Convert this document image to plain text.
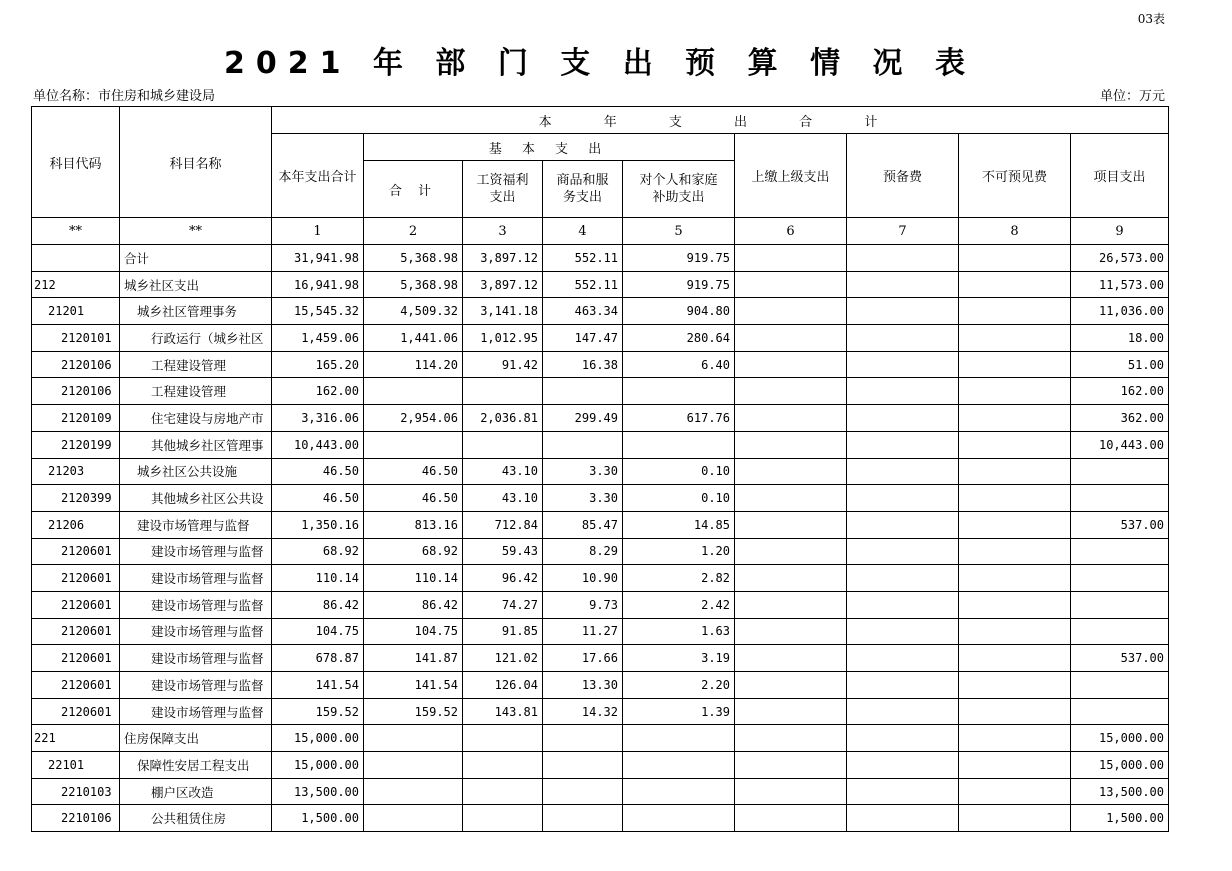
03表
2021 年 部 门 支 出 预 算 情 况 表
单位名称：市住房和城乡建设局	单位：万元
科目代码	科目名称	本 年 支 出 合 计								
		本年支出合计	基 本 支 出				上缴上级支出	预备费	不可预见费	项目支出
			合 计	工资福利支出	商品和服务支出	对个人和家庭补助支出				
**	**	1	2	3	4	5	6	7	8	9
	合计	31,941.98	5,368.98	3,897.12	552.11	919.75				26,573.00
212	城乡社区支出	16,941.98	5,368.98	3,897.12	552.11	919.75				11,573.00
21201	城乡社区管理事务	15,545.32	4,509.32	3,141.18	463.34	904.80				11,036.00
2120101	行政运行（城乡社区	1,459.06	1,441.06	1,012.95	147.47	280.64				18.00
2120106	工程建设管理	165.20	114.20	91.42	16.38	6.40				51.00
2120106	工程建设管理	162.00								162.00
2120109	住宅建设与房地产市	3,316.06	2,954.06	2,036.81	299.49	617.76				362.00
2120199	其他城乡社区管理事	10,443.00								10,443.00
21203	城乡社区公共设施	46.50	46.50	43.10	3.30	0.10				
2120399	其他城乡社区公共设	46.50	46.50	43.10	3.30	0.10				
21206	建设市场管理与监督	1,350.16	813.16	712.84	85.47	14.85				537.00
2120601	建设市场管理与监督	68.92	68.92	59.43	8.29	1.20				
2120601	建设市场管理与监督	110.14	110.14	96.42	10.90	2.82				
2120601	建设市场管理与监督	86.42	86.42	74.27	9.73	2.42				
2120601	建设市场管理与监督	104.75	104.75	91.85	11.27	1.63				
2120601	建设市场管理与监督	678.87	141.87	121.02	17.66	3.19				537.00
2120601	建设市场管理与监督	141.54	141.54	126.04	13.30	2.20				
2120601	建设市场管理与监督	159.52	159.52	143.81	14.32	1.39				
221	住房保障支出	15,000.00								15,000.00
22101	保障性安居工程支出	15,000.00								15,000.00
2210103	棚户区改造	13,500.00								13,500.00
2210106	公共租赁住房	1,500.00								1,500.00
